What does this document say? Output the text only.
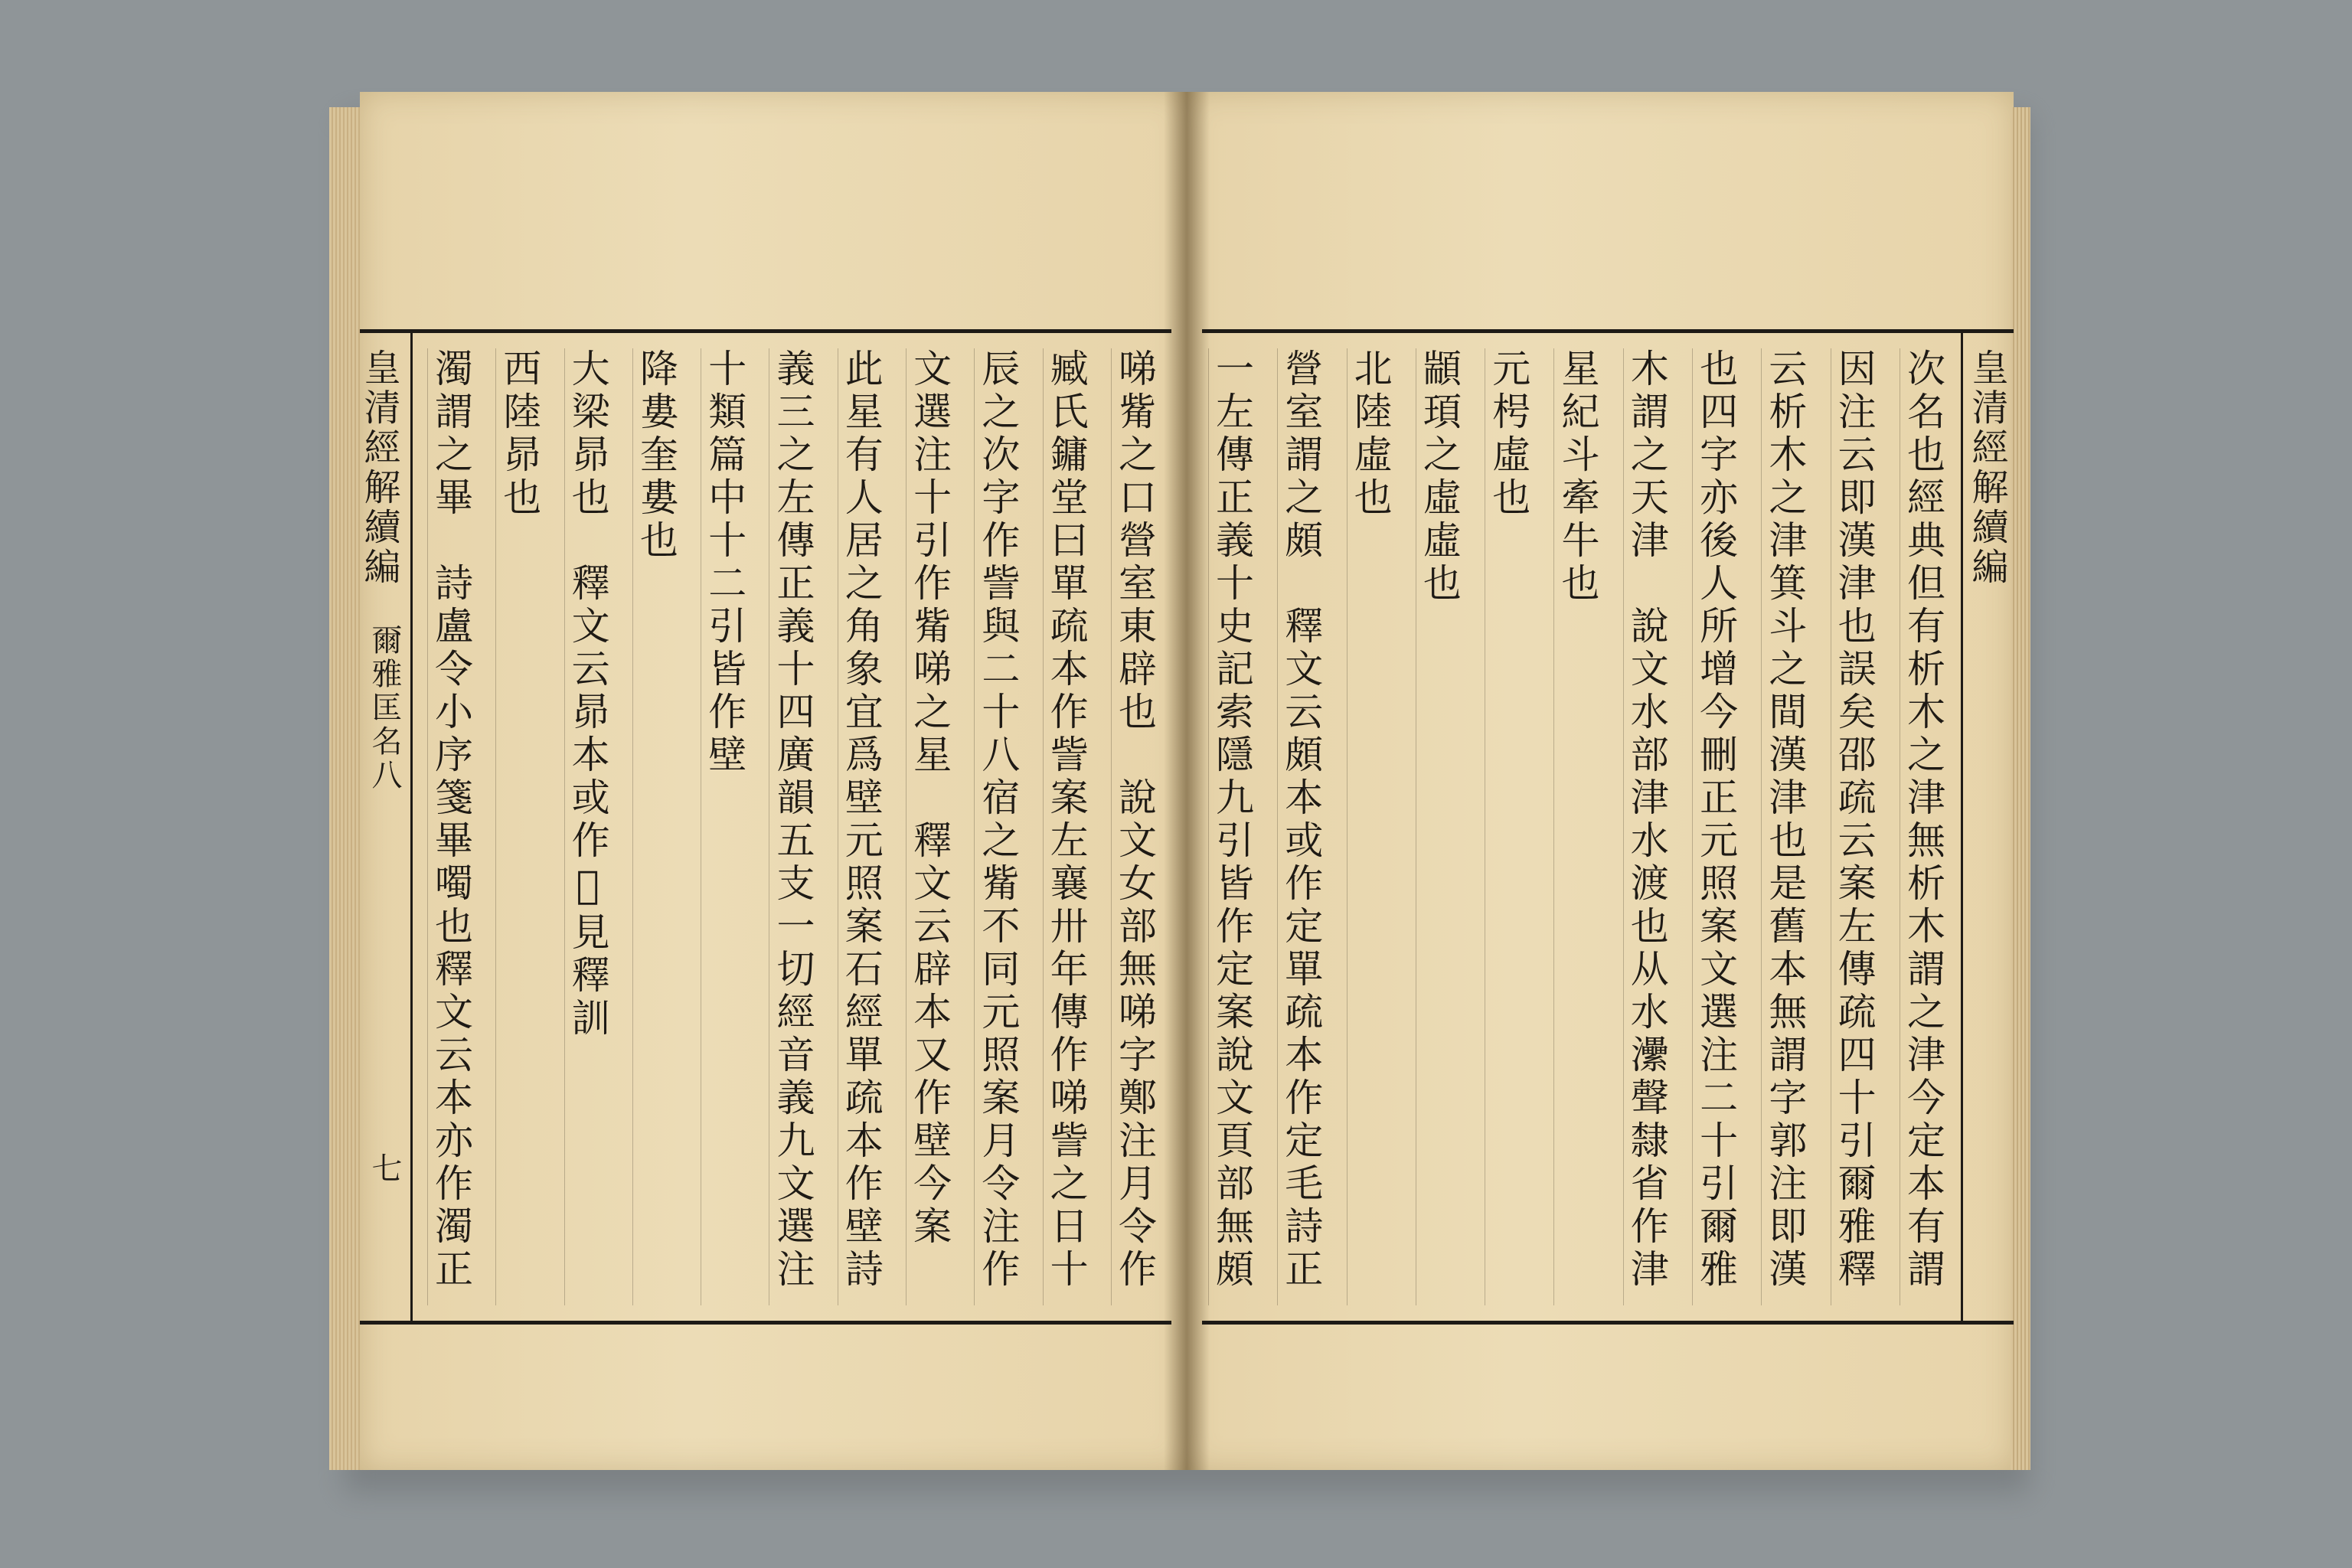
皇清經解續編
爾雅匡名八
七
㖒觜之口營室東辟也　說文女部無㖒字鄭注月令作
臧氏鏞堂曰單疏本作訾案左襄卅年傳作㖒訾之日十
辰之次字作訾與二十八宿之觜不同元照案月令注作
文選注十引作觜㖒之星　釋文云辟本又作壁今案
此星有人居之角象宜爲壁元照案石經單疏本作壁詩
義三之左傳正義十四廣韻五支一切經音義九文選注
十類篇中十二引皆作壁
降婁奎婁也
大梁昴也　釋文云昴本或作𣈆見釋訓
西陸昴也
濁謂之畢　詩盧令小序箋畢噣也釋文云本亦作濁正
次名也經典但有析木之津無析木謂之津今定本有謂
因注云即漢津也誤矣邵疏云案左傳疏四十引爾雅釋
云析木之津箕斗之間漢津也是舊本無謂字郭注即漢
也四字亦後人所增今刪正元照案文選注二十引爾雅
木謂之天津　說文水部津水渡也从水㶟聲隸省作津
星紀斗牽牛也
元枵虛也
顓頊之虛虛也
北陸虛也
營室謂之頗　釋文云頗本或作定單疏本作定毛詩正
一左傳正義十史記索隱九引皆作定案說文頁部無頗
皇清經解續編
